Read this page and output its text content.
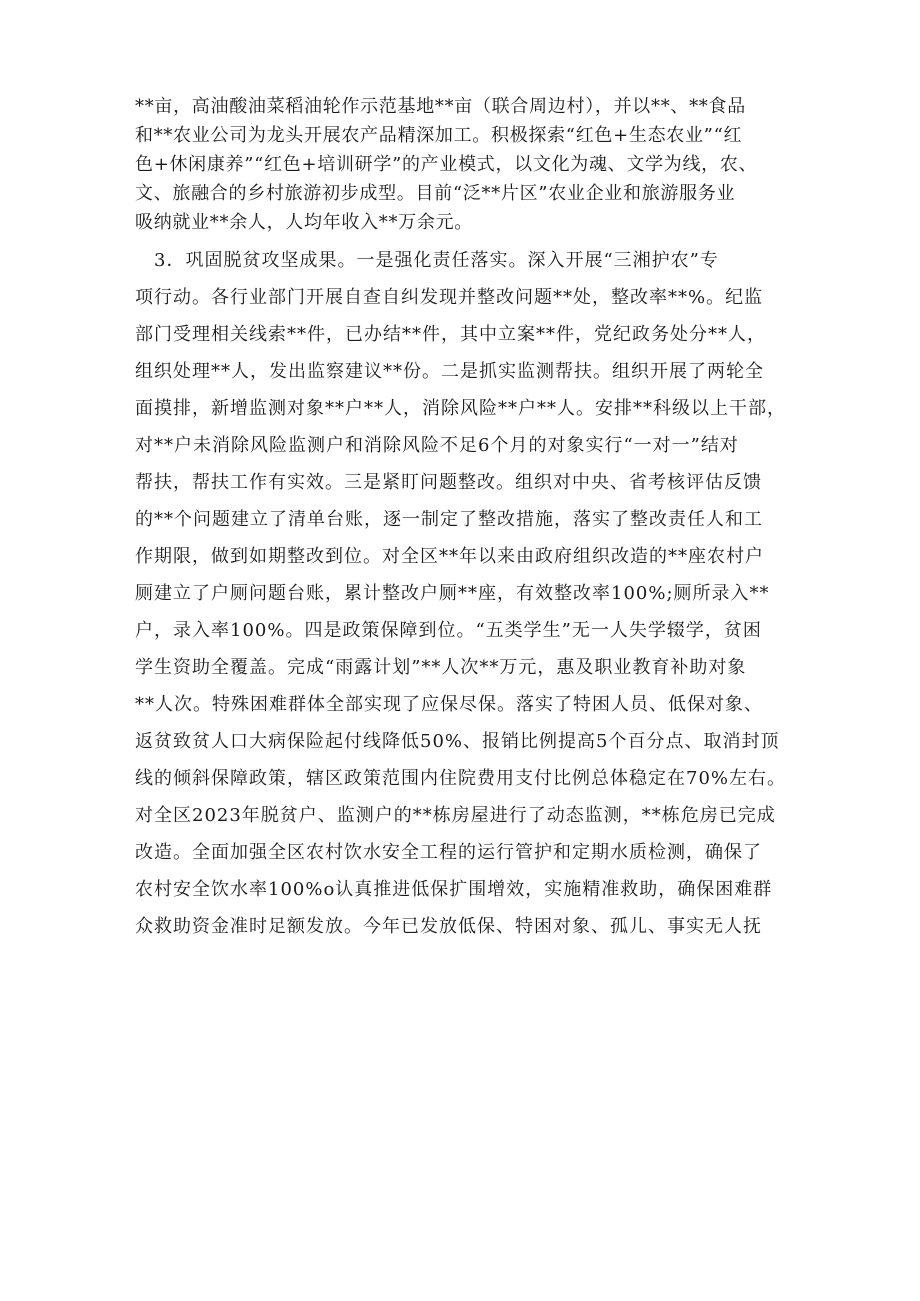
**亩，高油酸油菜稻油轮作示范基地**亩（联合周边村），并以**、**食品
和**农业公司为龙头开展农产品精深加工。积极探索“红色+生态农业”“红
色+休闲康养”“红色+培训研学”的产业模式，以文化为魂、文学为线，农、
文、旅融合的乡村旅游初步成型。目前“泛**片区”农业企业和旅游服务业
吸纳就业**余人，人均年收入**万余元。
　3．巩固脱贫攻坚成果。一是强化责任落实。深入开展“三湘护农”专
项行动。各行业部门开展自查自纠发现并整改问题**处，整改率**%。纪监
部门受理相关线索**件，已办结**件，其中立案**件，党纪政务处分**人，
组织处理**人，发出监察建议**份。二是抓实监测帮扶。组织开展了两轮全
面摸排，新增监测对象**户**人，消除风险**户**人。安排**科级以上干部，
对**户未消除风险监测户和消除风险不足6个月的对象实行“一对一”结对
帮扶，帮扶工作有实效。三是紧盯问题整改。组织对中央、省考核评估反馈
的**个问题建立了清单台账，逐一制定了整改措施，落实了整改责任人和工
作期限，做到如期整改到位。对全区**年以来由政府组织改造的**座农村户
厕建立了户厕问题台账，累计整改户厕**座，有效整改率100%;厕所录入**
户，录入率100%。四是政策保障到位。“五类学生”无一人失学辍学，贫困
学生资助全覆盖。完成“雨露计划”**人次**万元，惠及职业教育补助对象
**人次。特殊困难群体全部实现了应保尽保。落实了特困人员、低保对象、
返贫致贫人口大病保险起付线降低50%、报销比例提高5个百分点、取消封顶
线的倾斜保障政策，辖区政策范围内住院费用支付比例总体稳定在70%左右。
对全区2023年脱贫户、监测户的**栋房屋进行了动态监测，**栋危房已完成
改造。全面加强全区农村饮水安全工程的运行管护和定期水质检测，确保了
农村安全饮水率100%o认真推进低保扩围增效，实施精准救助，确保困难群
众救助资金准时足额发放。今年已发放低保、特困对象、孤儿、事实无人抚
